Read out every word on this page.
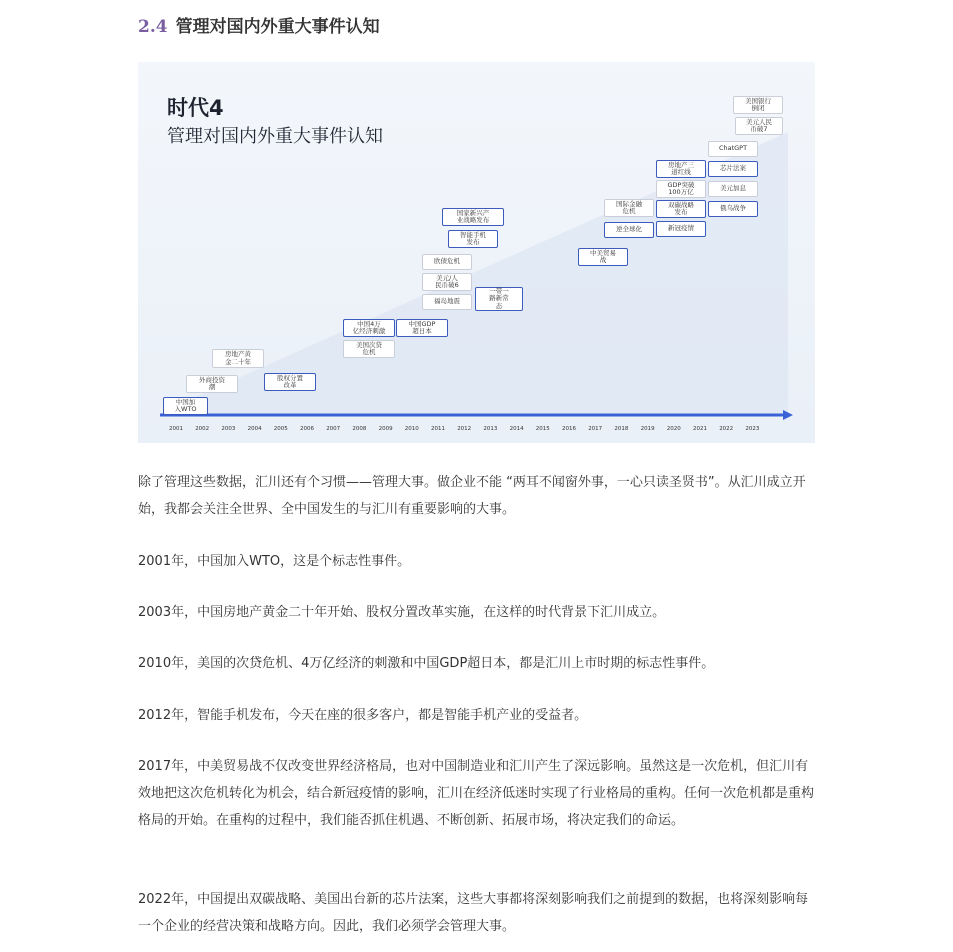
2.4 管理对国内外重大事件认知
时代4
管理对国内外重大事件认知
2001	2002	2003	2004	2005	2006	2007	2008	2009	2010	2011	2012	2013	2014	2015	2016	2017	2018	2019	2020	2021	2022	2023
中国加
入WTO
外商投资
潮
房地产黄
金二十年
股权分置
改革
中国4万
亿经济刺激
美国次贷
危机
中国GDP
超日本
欧债危机
美元/人
民币破6
福岛地震
国家新兴产
业战略发布
智能手机
发布
一带一
路新常
态
中美贸易
战
国际金融
危机
逆全球化
房地产三
道红线
GDP突破
100万亿
双碳战略
发布
新冠疫情
ChatGPT
芯片法案
美元加息
俄乌战争
美国银行
倒闭
美元人民
币破7
除了管理这些数据，汇川还有个习惯——管理大事。做企业不能 “两耳不闻窗外事，一心只读圣贤书”。从汇川成立开始，我都会关注全世界、全中国发生的与汇川有重要影响的大事。
2001年，中国加入WTO，这是个标志性事件。
2003年，中国房地产黄金二十年开始、股权分置改革实施，在这样的时代背景下汇川成立。
2010年，美国的次贷危机、4万亿经济的刺激和中国GDP超日本，都是汇川上市时期的标志性事件。
2012年，智能手机发布，今天在座的很多客户，都是智能手机产业的受益者。
2017年，中美贸易战不仅改变世界经济格局，也对中国制造业和汇川产生了深远影响。虽然这是一次危机，但汇川有效地把这次危机转化为机会，结合新冠疫情的影响，汇川在经济低迷时实现了行业格局的重构。任何一次危机都是重构格局的开始。在重构的过程中，我们能否抓住机遇、不断创新、拓展市场，将决定我们的命运。
2022年，中国提出双碳战略、美国出台新的芯片法案，这些大事都将深刻影响我们之前提到的数据，也将深刻影响每一个企业的经营决策和战略方向。因此，我们必须学会管理大事。
